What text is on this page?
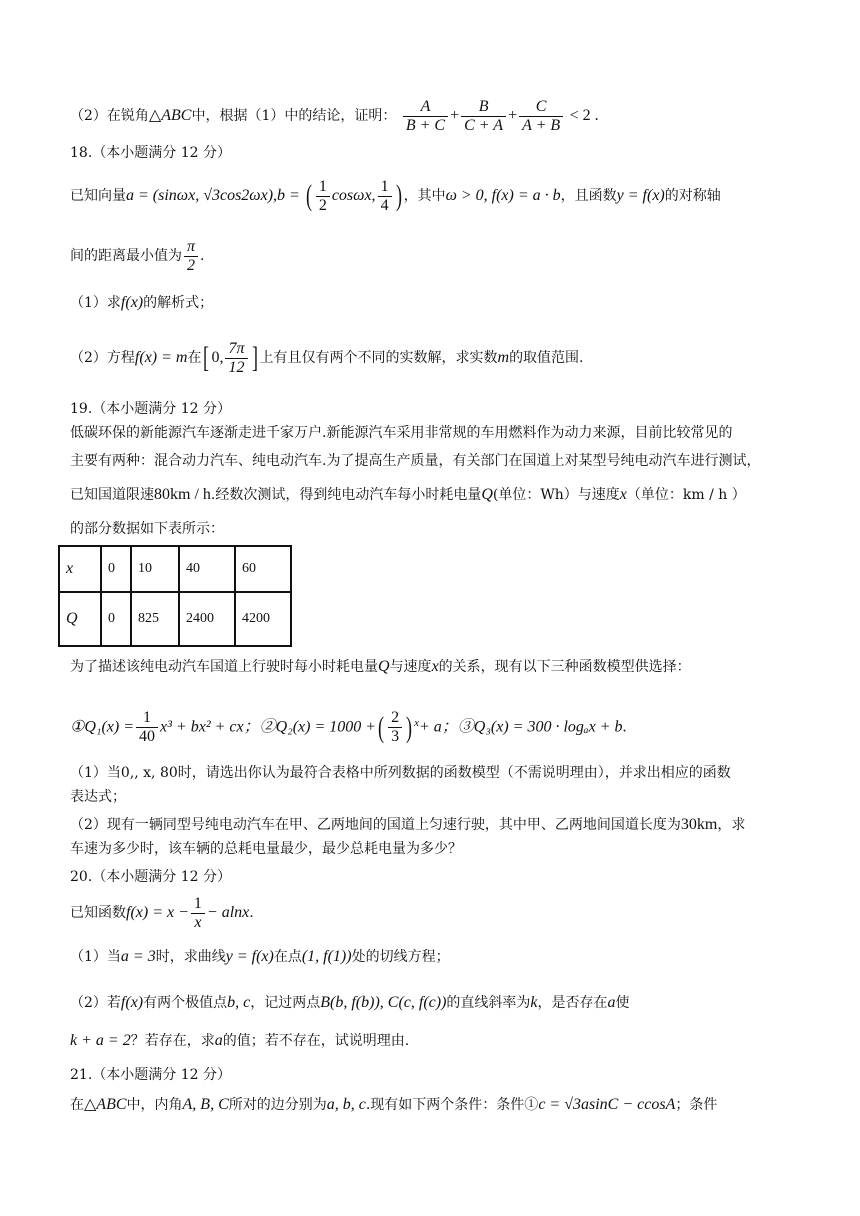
（2）在锐角△ABC中，根据（1）中的结论，证明： $\frac{A}{B + C} + \frac{B}{C + A} + \frac{C}{A + B} < 2$ .
18.（本小题满分 12 分）
已知向量a = (sinωx, √3cos2ωx),b = ( $\frac{1}{2} \cos\omega x$, $\frac{1}{4}$ ) ，其中ω > 0, f(x) = a · b，且函数y = f(x)的对称轴
间的距离最小值为 $\frac{\pi}{2}$ .
（1）求f(x)的解析式；
（2）方程f(x) = m在[ 0, $\frac{7\pi}{12}$ ] 上有且仅有两个不同的实数解，求实数m的取值范围.
19.（本小题满分 12 分）
低碳环保的新能源汽车逐渐走进千家万户.新能源汽车采用非常规的车用燃料作为动力来源，目前比较常见的
主要有两种：混合动力汽车、纯电动汽车.为了提高生产质量，有关部门在国道上对某型号纯电动汽车进行测试，
已知国道限速80km / h.经数次测试，得到纯电动汽车每小时耗电量Q(单位：Wh）与速度x（单位：km / h ）
的部分数据如下表所示：
x	0	10	40	60
Q	0	825	2400	4200
为了描述该纯电动汽车国道上行驶时每小时耗电量Q与速度x的关系，现有以下三种函数模型供选择：
①Q₁(x) = $\frac{1}{40} x^3 + bx^2$ + cx；②Q₂(x) = 1000 +( $\frac{2}{3}$ ) $^x$+ a；③Q₃(x) = 300 · logₐx + b.
（1）当0,, x, 80时，请选出你认为最符合表格中所列数据的函数模型（不需说明理由），并求出相应的函数
表达式；
（2）现有一辆同型号纯电动汽车在甲、乙两地间的国道上匀速行驶，其中甲、乙两地间国道长度为30km，求
车速为多少时，该车辆的总耗电量最少，最少总耗电量为多少？
20.（本小题满分 12 分）
已知函数$f(x) = x - \frac{1}{x} - alnx$.
（1）当a = 3时，求曲线y = f(x)在点(1, f(1))处的切线方程；
（2）若f(x)有两个极值点b, c，记过两点B(b, f(b)), C(c, f(c))的直线斜率为k，是否存在a使
k + a = 2？若存在，求a的值；若不存在，试说明理由.
21.（本小题满分 12 分）
在△ABC中，内角A, B, C所对的边分别为a, b, c.现有如下两个条件：条件①c = √3asinC − ccosA；条件
